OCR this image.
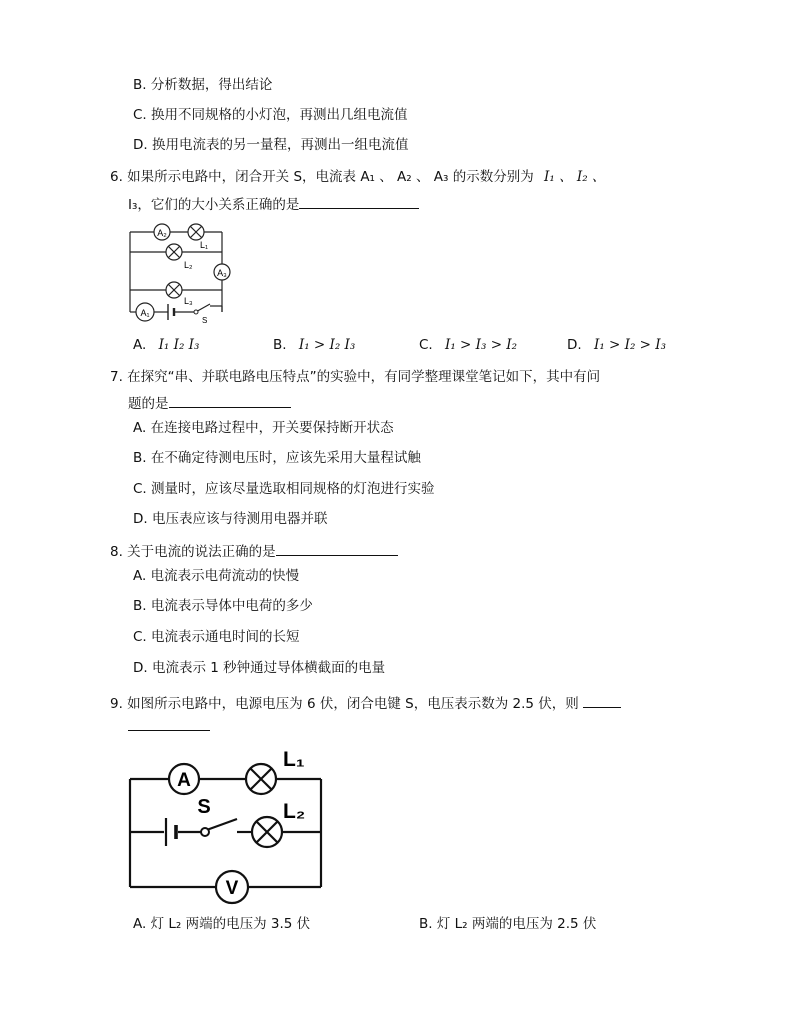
B. 分析数据，得出结论
C. 换用不同规格的小灯泡，再测出几组电流值
D. 换用电流表的另一量程，再测出一组电流值
6. 如果所示电路中，闭合开关 S，电流表 A₁ 、 A₂ 、 A₃ 的示数分别为 I₁ 、 I₂ 、
I₃，它们的大小关系正确的是
A₂
L₁
L₂
A₃
L₃
A₁
S
A. I₁ I₂ I₃	B. I₁ > I₂ I₃	C. I₁ > I₃ > I₂	D. I₁ > I₂ > I₃
7. 在探究“串、并联电路电压特点”的实验中，有同学整理课堂笔记如下，其中有问
题的是
A. 在连接电路过程中，开关要保持断开状态
B. 在不确定待测电压时，应该先采用大量程试触
C. 测量时，应该尽量选取相同规格的灯泡进行实验
D. 电压表应该与待测用电器并联
8. 关于电流的说法正确的是
A. 电流表示电荷流动的快慢
B. 电流表示导体中电荷的多少
C. 电流表示通电时间的长短
D. 电流表示 1 秒钟通过导体横截面的电量
9. 如图所示电路中，电源电压为 6 伏，闭合电键 S，电压表示数为 2.5 伏，则
A
L₁
S	L₂
V
A. 灯 L₂ 两端的电压为 3.5 伏	B. 灯 L₂ 两端的电压为 2.5 伏
